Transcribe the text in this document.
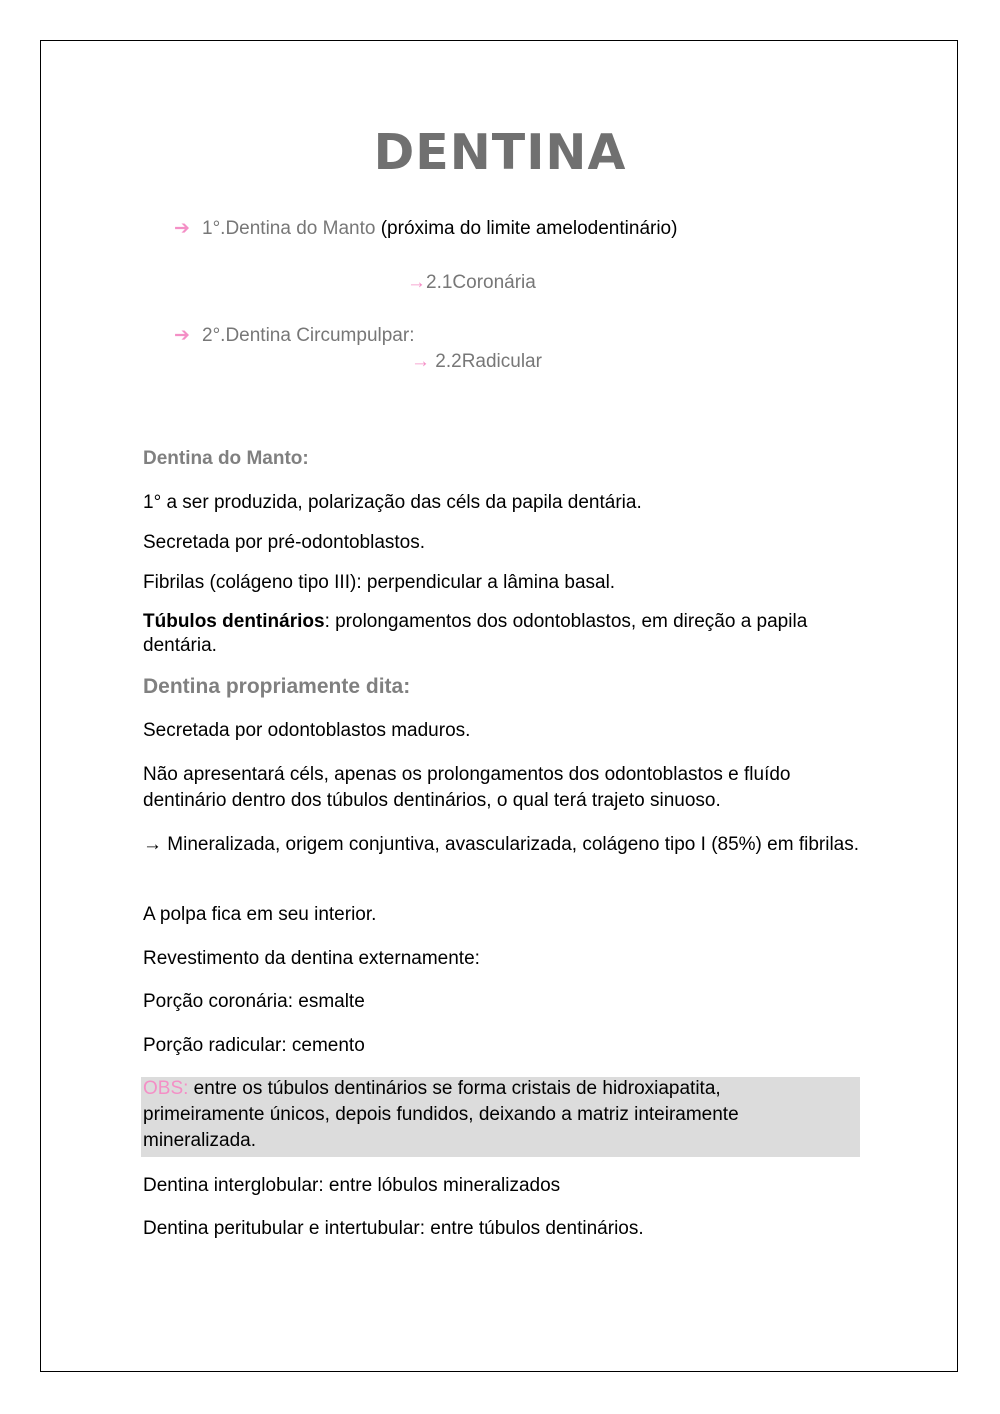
DENTINA
➔ 1°.Dentina do Manto (próxima do limite amelodentinário)
→2.1Coronária
➔ 2°.Dentina Circumpulpar:
→ 2.2Radicular
Dentina do Manto:

1° a ser produzida, polarização das céls da papila dentária.

Secretada por pré-odontoblastos.

Fibrilas (colágeno tipo III): perpendicular a lâmina basal.

Túbulos dentinários: prolongamentos dos odontoblastos, em direção a papila dentária.

Dentina propriamente dita:

Secretada por odontoblastos maduros.

Não apresentará céls, apenas os prolongamentos dos odontoblastos e fluído dentinário dentro dos túbulos dentinários, o qual terá trajeto sinuoso.

→ Mineralizada, origem conjuntiva, avascularizada, colágeno tipo I (85%) em fibrilas.

A polpa fica em seu interior.

Revestimento da dentina externamente:

Porção coronária: esmalte

Porção radicular: cemento

OBS: entre os túbulos dentinários se forma cristais de hidroxiapatita, primeiramente únicos, depois fundidos, deixando a matriz inteiramente mineralizada.

Dentina interglobular: entre lóbulos mineralizados

Dentina peritubular e intertubular: entre túbulos dentinários.
